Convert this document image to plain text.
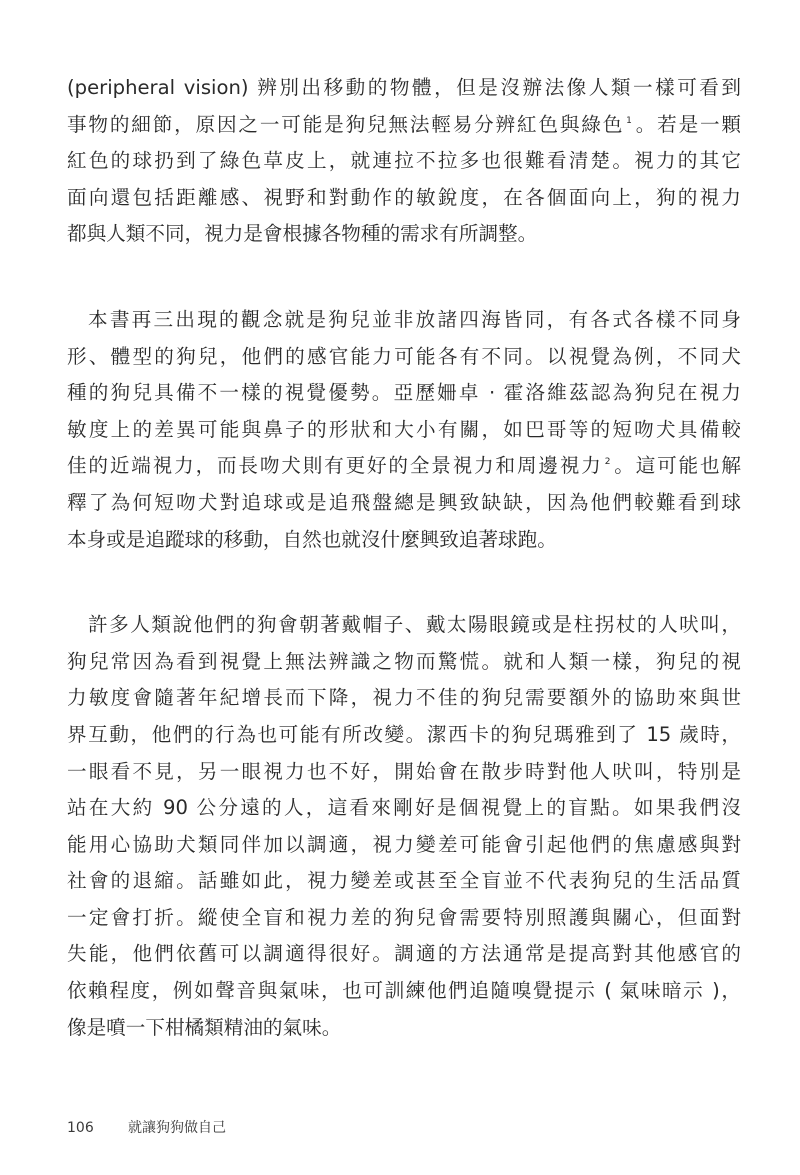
(peripheral vision) 辨別出移動的物體，但是沒辦法像人類一樣可看到
事物的細節，原因之一可能是狗兒無法輕易分辨紅色與綠色 $^1$ 。若是一顆
紅色的球扔到了綠色草皮上，就連拉不拉多也很難看清楚。視力的其它
面向還包括距離感、視野和對動作的敏銳度，在各個面向上，狗的視力
都與人類不同，視力是會根據各物種的需求有所調整。
本書再三出現的觀念就是狗兒並非放諸四海皆同，有各式各樣不同身
形、體型的狗兒，他們的感官能力可能各有不同。以視覺為例，不同犬
種的狗兒具備不一樣的視覺優勢。亞歷姍卓 · 霍洛維茲認為狗兒在視力
敏度上的差異可能與鼻子的形狀和大小有關，如巴哥等的短吻犬具備較
佳的近端視力，而長吻犬則有更好的全景視力和周邊視力 $^2$ 。這可能也解
釋了為何短吻犬對追球或是追飛盤總是興致缺缺，因為他們較難看到球
本身或是追蹤球的移動，自然也就沒什麼興致追著球跑。
許多人類說他們的狗會朝著戴帽子、戴太陽眼鏡或是柱拐杖的人吠叫，
狗兒常因為看到視覺上無法辨識之物而驚慌。就和人類一樣，狗兒的視
力敏度會隨著年紀增長而下降，視力不佳的狗兒需要額外的協助來與世
界互動，他們的行為也可能有所改變。潔西卡的狗兒瑪雅到了 15 歲時，
一眼看不見，另一眼視力也不好，開始會在散步時對他人吠叫，特別是
站在大約 90 公分遠的人，這看來剛好是個視覺上的盲點。如果我們沒
能用心協助犬類同伴加以調適，視力變差可能會引起他們的焦慮感與對
社會的退縮。話雖如此，視力變差或甚至全盲並不代表狗兒的生活品質
一定會打折。縱使全盲和視力差的狗兒會需要特別照護與關心，但面對
失能，他們依舊可以調適得很好。調適的方法通常是提高對其他感官的
依賴程度，例如聲音與氣味，也可訓練他們追隨嗅覺提示 ( 氣味暗示 )，
像是噴一下柑橘類精油的氣味。
106 就讓狗狗做自己
